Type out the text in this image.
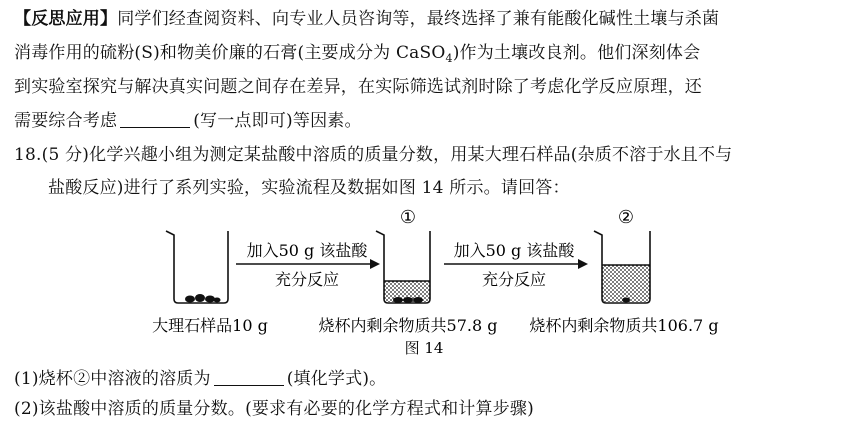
【反思应用】同学们经查阅资料、向专业人员咨询等，最终选择了兼有能酸化碱性土壤与杀菌
消毒作用的硫粉(S)和物美价廉的石膏(主要成分为 CaSO$_4$)作为土壤改良剂。他们深刻体会
到实验室探究与解决真实问题之间存在差异，在实际筛选试剂时除了考虑化学反应原理，还
需要综合考虑	(写一点即可)等因素。
18.(5 分)化学兴趣小组为测定某盐酸中溶质的质量分数，用某大理石样品(杂质不溶于水且不与
盐酸反应)进行了系列实验，实验流程及数据如图 14 所示。请回答：
加入50 g 该盐酸
充分反应
①
加入50 g 该盐酸
充分反应
②
大理石样品10 g	烧杯内剩余物质共57.8 g 烧杯内剩余物质共106.7 g
图 14
(1)烧杯②中溶液的溶质为	(填化学式)。
(2)该盐酸中溶质的质量分数。(要求有必要的化学方程式和计算步骤)
